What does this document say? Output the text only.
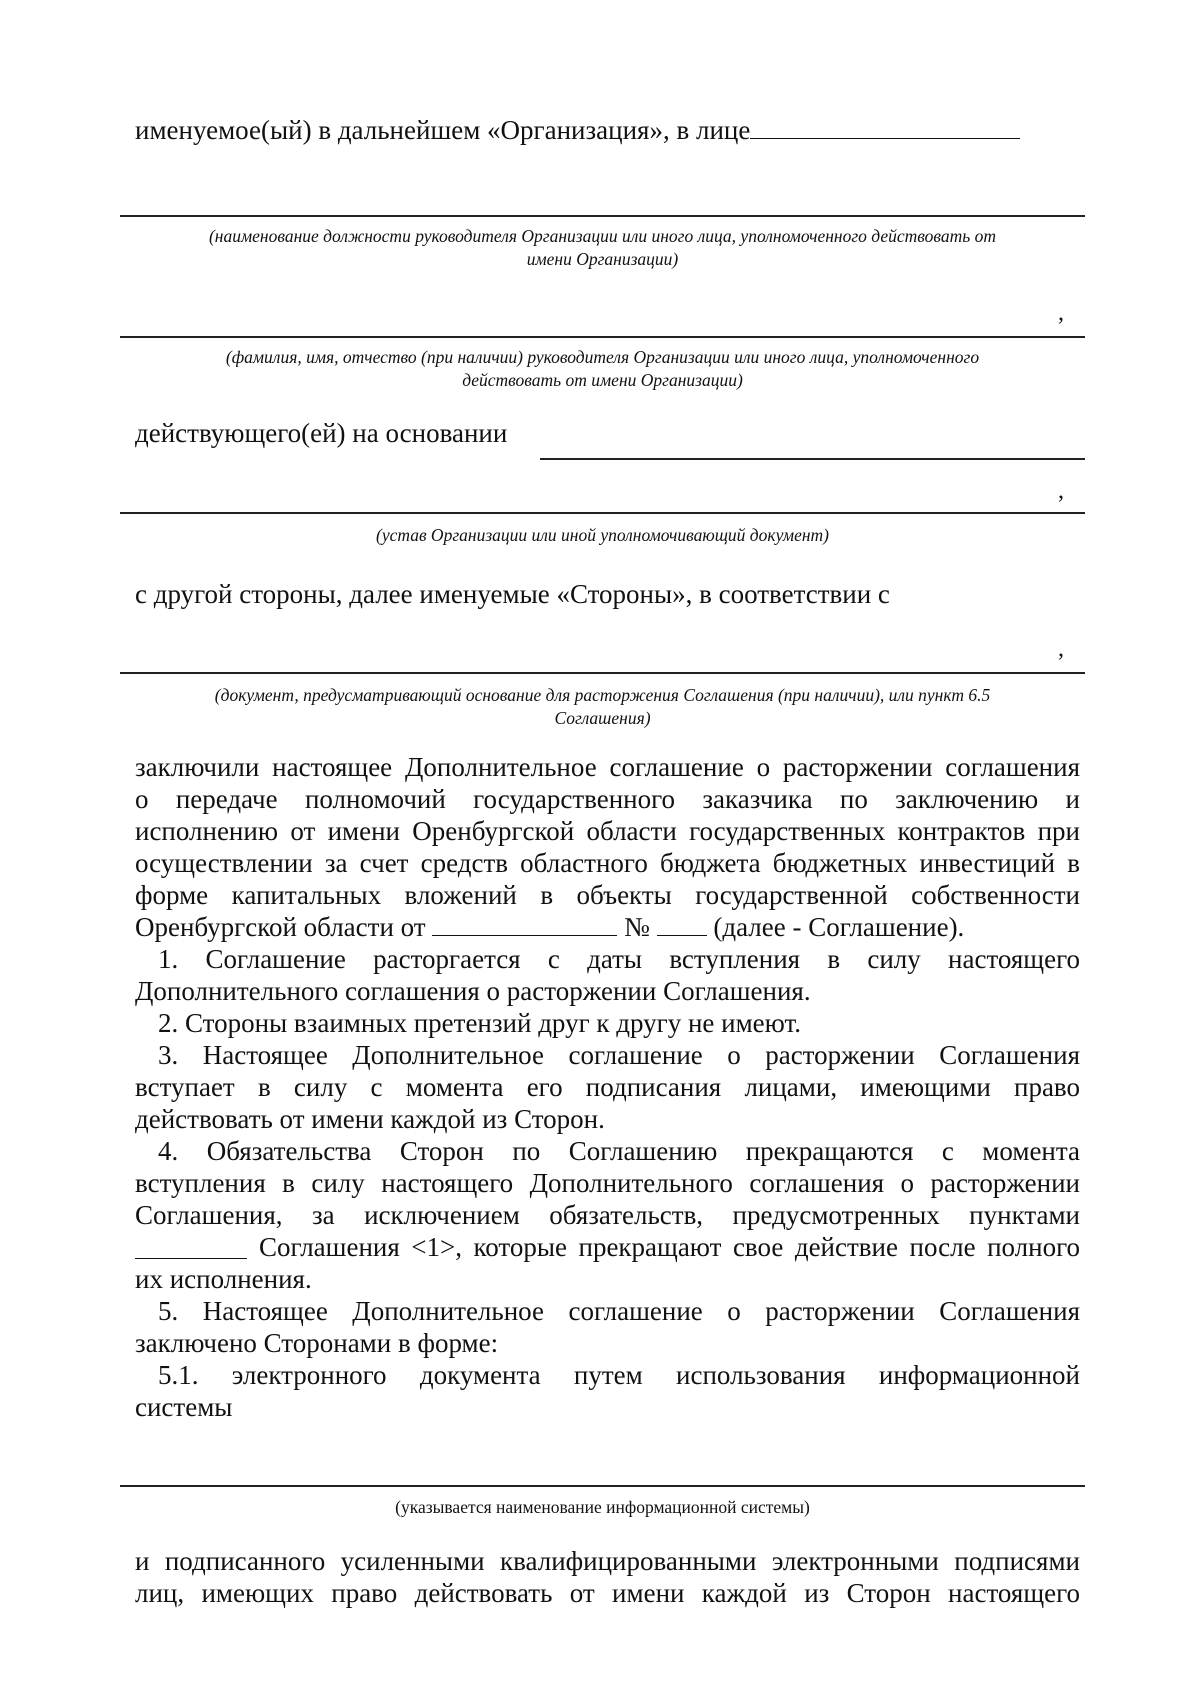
именуемое(ый) в дальнейшем «Организация», в лице
(наименование должности руководителя Организации или иного лица, уполномоченного действовать от
имени Организации)
,
(фамилия, имя, отчество (при наличии) руководителя Организации или иного лица, уполномоченного
действовать от имени Организации)
действующего(ей) на основании
,
(устав Организации или иной уполномочивающий документ)
с другой стороны, далее именуемые «Стороны», в соответствии с
,
(документ, предусматривающий основание для расторжения Соглашения (при наличии), или пункт 6.5
Соглашения)
заключили настоящее Дополнительное соглашение о расторжении соглашения
о передаче полномочий государственного заказчика по заключению и
исполнению от имени Оренбургской области государственных контрактов при
осуществлении за счет средств областного бюджета бюджетных инвестиций в
форме капитальных вложений в объекты государственной собственности
Оренбургской области от	№ (далее - Соглашение).
1. Соглашение расторгается с даты вступления в силу настоящего
Дополнительного соглашения о расторжении Соглашения.
2. Стороны взаимных претензий друг к другу не имеют.
3. Настоящее Дополнительное соглашение о расторжении Соглашения
вступает в силу с момента его подписания лицами, имеющими право
действовать от имени каждой из Сторон.
4. Обязательства Сторон по Соглашению прекращаются с момента
вступления в силу настоящего Дополнительного соглашения о расторжении
Соглашения, за исключением обязательств, предусмотренных пунктами
Соглашения <1>, которые прекращают свое действие после полного
их исполнения.
5. Настоящее Дополнительное соглашение о расторжении Соглашения
заключено Сторонами в форме:
5.1. электронного документа путем использования информационной
системы
(указывается наименование информационной системы)
и подписанного усиленными квалифицированными электронными подписями
лиц, имеющих право действовать от имени каждой из Сторон настоящего
